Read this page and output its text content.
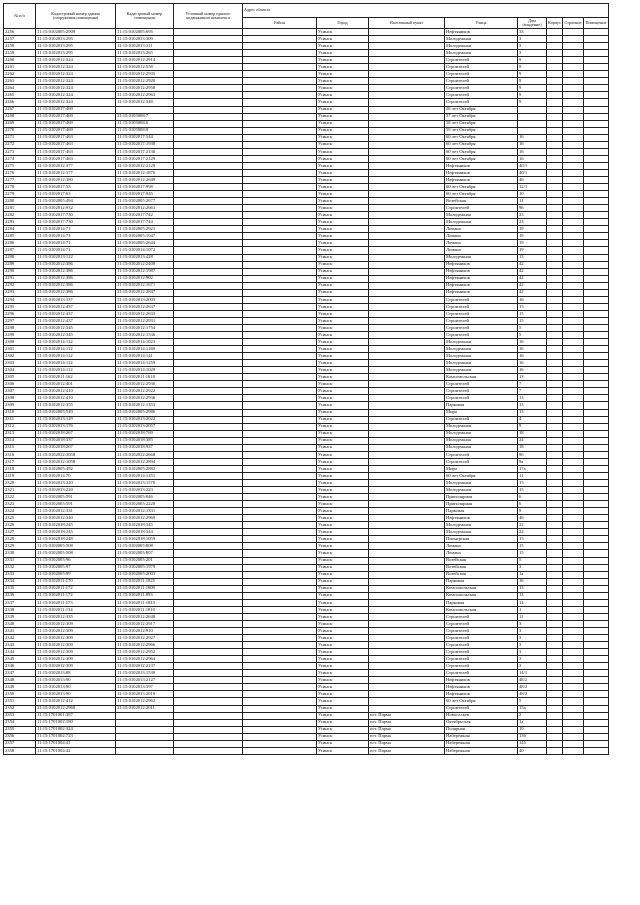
№ п/п	Кадастровый номер здания (сооружения,помещения)	Кадастровый номер помещения	Условный номер единого недвижимого комплекса	Адрес объекта							
				Район	Город	Населенный пункт	Улица	Дом (владение)	Корпус	Строение	Помещение
2256	11:15:0102005:2909	11:15:0102005:695			Усинск		Нефтяников	33			
2257	11:15:0102013:295	11:15:0102013:309			Усинск		Молодежная	3			
2258	11:15:0102013:295	11:15:0102013:311			Усинск		Молодежная	3			
2259	11:15:0102013:295	11:15:0102013:265			Усинск		Молодежная	3			
2260	11:15:0102012:324	11:15:0102012:2914			Усинск		Строителей	9			
2261	11:15:0102012:324	11:15:0102012:558			Усинск		Строителей	9			
2262	11:15:0102012:324	11:15:0102012:2935			Усинск		Строителей	9			
2263	11:15:0102012:324	11:15:0102012:2920			Усинск		Строителей	9			
2264	11:15:0102012:324	11:15:0102012:2958			Усинск		Строителей	9			
2265	11:15:0102012:324	11:15:0102012:2963			Усинск		Строителей	9			
2266	11:15:0102012:324	11:15:0102012:348			Усинск		Строителей	9			
2267	11:15:0102017:469				Усинск		56 лет Октября				
2268	11:15:0102017:469	11:15:0105008:7			Усинск		57 лет Октября				
2269	11:15:0102017:469	11:15:0105008:6			Усинск		58 лет Октября				
2270	11:15:0102017:469	11:15:0105008:8			Усинск		59 лет Октября				
2271	11:15:0102017:463	11:15:0102017:544			Усинск		60 лет Октября	16			
2272	11:15:0102017:463	11:15:0102017:1938			Усинск		60 лет Октября	16			
2273	11:15:0102017:463	11:15:0102017:2130			Усинск		60 лет Октября	16			
2274	11:15:0102017:463	11:15:0102017:2129			Усинск		60 лет Октября	16			
2275	11:15:0102012:377	11:15:0102012:2129			Усинск		Нефтяников	40/1			
2276	11:15:0102012:377	11:15:0102012:1876			Усинск		Нефтяников	40/1			
2277	11:15:0102012:380	11:15:0102012:2649			Усинск		Нефтяников	46			
2278	11:15:0102017:53	11:15:0102017:998			Усинск		60 лет Октября	12/1			
2279	11:15:0102017:63	11:15:0102017:945			Усинск		60 лет Октября	10			
2280	11:15:0102005:494	11:15:0102005:2677			Усинск		Возейская	11			
2281	11:15:0102012:932	11:15:0102012:2661			Усинск		Строителей	96			
2282	11:15:0102017:730	11:15:0102017:742			Усинск		Молодежная	23			
2283	11:15:0102017:730	11:15:0102017:744			Усинск		Молодежная	23			
2284	11:15:0102014:71	11:15:0102005:2921			Усинск		Ломана	19			
2285	11:15:0102014:71	11:15:0102005:1047			Усинск		Ломана	19			
2286	11:15:0102014:71	11:15:0102005:2644			Усинск		Ломана	19			
2287	11:15:0102014:71	11:15:0102014:1072			Усинск		Ломана	19			
2288	11:15:0102013:122	11:15:0102013:428			Усинск		Молодежная	13			
2289	11:15:0102012:386	11:15:0102012:2408			Усинск		Нефтяников	42			
2290	11:15:0102012:386	11:15:0102012:1987			Усинск		Нефтяников	42			
2291	11:15:0102012:386	11:15:0102012:902			Усинск		Нефтяников	42			
2292	11:15:0102012:386	11:15:0102012:1671			Усинск		Нефтяников	42			
2293	11:15:0102012:386	11:15:0102012:2847			Усинск		Нефтяников	42			
2294	11:15:0102013:137	11:15:0102013:2003			Усинск		Строителей	16			
2295	11:15:0102012:437	11:15:0102012:2637			Усинск		Строителей	15			
2296	11:15:0102012:437	11:15:0102012:2633			Усинск		Строителей	15			
2297	11:15:0102012:437	11:15:0102012:2931			Усинск		Строителей	15			
2298	11:15:0102012:345	11:15:0102012:1754			Усинск		Строителей	5			
2299	11:15:0102012:345	11:15:0102012:1536			Усинск		Строителей	5			
2300	11:15:0102014:112	11:15:0102014:1023			Усинск		Молодежная	16			
2301	11:15:0102014:112	11:15:0102014:1269			Усинск		Молодежная	16			
2302	11:15:0102014:112	11:15:0102014:141			Усинск		Молодежная	16			
2303	11:15:0102014:112	11:15:0102014:1259			Усинск		Молодежная	16			
2304	11:15:0102014:112	11:15:0102014:1028			Усинск		Молодежная	16			
2305	11:15:0102011:162	11:15:0102011:1618			Усинск		Комсомольская	13			
2306	11:15:0102012:401	11:15:0102012:2930			Усинск		Строителей	7			
2307	11:15:0102012:410	11:15:0102012:2922			Усинск		Строителей	7			
2308	11:15:0102012:410	11:15:0102012:2936			Усинск		Строителей	13			
2309	11:15:0102012:355	11:15:0102012:1353			Усинск		Парковая	13			
2310	11:15:0102005:549	11:15:0102005:2986			Усинск		Мира	13			
2311	11:15:0102013:129	11:15:0102013:2022			Усинск		Строителей	4			
2312	11:15:0102013:176	11:15:0102013:2057			Усинск		Молодежная	9			
2313	11:15:0102018:267	11:15:0102018:769			Усинск		Молодежная	18			
2314	11:15:0102018:337	11:15:0102018:385			Усинск		Молодежная	24			
2315	11:15:0102018:267	11:15:0102018:937			Усинск		Молодежная	18			
2316	11:15:0102012:1058	11:15:0102012:2668			Усинск		Строителей	9б			
2317	11:15:0102012:1058	11:15:0102012:2894			Усинск		Строителей	9а			
2318	11:15:0102005:492	11:15:0102005:2882			Усинск		Мира	17а			
2319	11:15:0102014:70	11:15:0102014:1251			Усинск		60 лет Октября	11			
2320	11:15:0102013:220	11:15:0102013:1570			Усинск		Молодежная	15			
2321	11:15:0102013:220	11:15:0102013:223			Усинск		Молодежная	15			
2322	11:15:0102005:591	11:15:0102005:846			Усинск		Приполярная	6			
2323	11:15:0102005:591	11:15:0102005:2220			Усинск		Приполярная	6			
2324	11:15:0102012:331	11:15:0102012:1331			Усинск		Парковая	9			
2325	11:15:0102012:340	11:15:0102012:2969			Усинск		Нефтяников	46			
2326	11:15:0102018:245	11:15:0102018:345			Усинск		Молодежная	22			
2327	11:15:0102018:245	11:15:0102018:344			Усинск		Молодежная	22			
2328	11:15:0102018:248	11:15:0102018:1059			Усинск		Пионерская	15			
2329	11:15:0102005:508	11:15:0102005:808			Усинск		Ломана	15			
2330	11:15:0102005:508	11:15:0102005:807			Усинск		Ломана	15			
2331	11:15:0102005:96	11:15:0102005:201			Усинск		Возейская	5			
2332	11:15:0102005:97	11:15:0102005:1979			Усинск		Возейская	3			
2333	11:15:0102005:99	11:15:0102005:2003			Усинск		Возейская	1а			
2334	11:15:0102011:170	11:15:0102011:1825			Усинск		Парковая	16			
2335	11:15:0102011:172	11:15:0102011:1809			Усинск		Комсомольская	13			
2336	11:15:0102011:172	11:15:0102011:893			Усинск		Комсомольская	13			
2337	11:15:0102011:173	11:15:0102011:1813			Усинск		Парковая	14			
2338	11:15:0102011:134	11:15:0102011:1810			Усинск		Комсомольская	1			
2339	11:15:0102012:335	11:15:0102012:2648			Усинск		Строителей	11			
2340	11:15:0102012:309	11:15:0102012:2917			Усинск		Строителей	3			
2341	11:15:0102012:309	11:15:0102012:910			Усинск		Строителей	3			
2342	11:15:0102012:309	11:15:0102012:2927			Усинск		Строителей	3			
2343	11:15:0102012:309	11:15:0102012:2966			Усинск		Строителей	3			
2344	11:15:0102012:309	11:15:0102012:2952			Усинск		Строителей	3			
2345	11:15:0102012:309	11:15:0102012:2964			Усинск		Строителей	3			
2346	11:15:0102012:309	11:15:0102012:2137			Усинск		Строителей	3			
2347	11:15:0102013:88	11:15:0102013:1530			Усинск		Строителей	14/1			
2348	11:15:0102013:90	11:15:0102013:2127			Усинск		Нефтяников	48/2			
2349	11:15:0102013:90	11:15:0102013:597			Усинск		Нефтяников	48/2			
2350	11:15:0102013:90	11:15:0102013:2019			Усинск		Нефтяников	48/2			
2351	11:15:0102012:412	11:15:0102012:2962			Усинск		60 лет Октября	5			
2352	11:15:0102012:2960	11:15:0102012:2011			Усинск		Строителей	15а			
2353	11:15:1701001:367				Усинск	пгт. Парма	Новосельев	2			
2354	11:15:1701002:180				Усинск	пгт. Парма	Октябрьская	1а			
2355	11:15:1701002:324				Усинск	пгт. Парма	Полярная	10			
2356	11:15:1701002:723				Усинск	пгт. Парма	Набережная	136			
2357	11:15:1701004:41				Усинск	пгт. Парма	Набережная	145			
2358	11:15:1701004:42				Усинск	пгт. Парма	Набережная	40			
